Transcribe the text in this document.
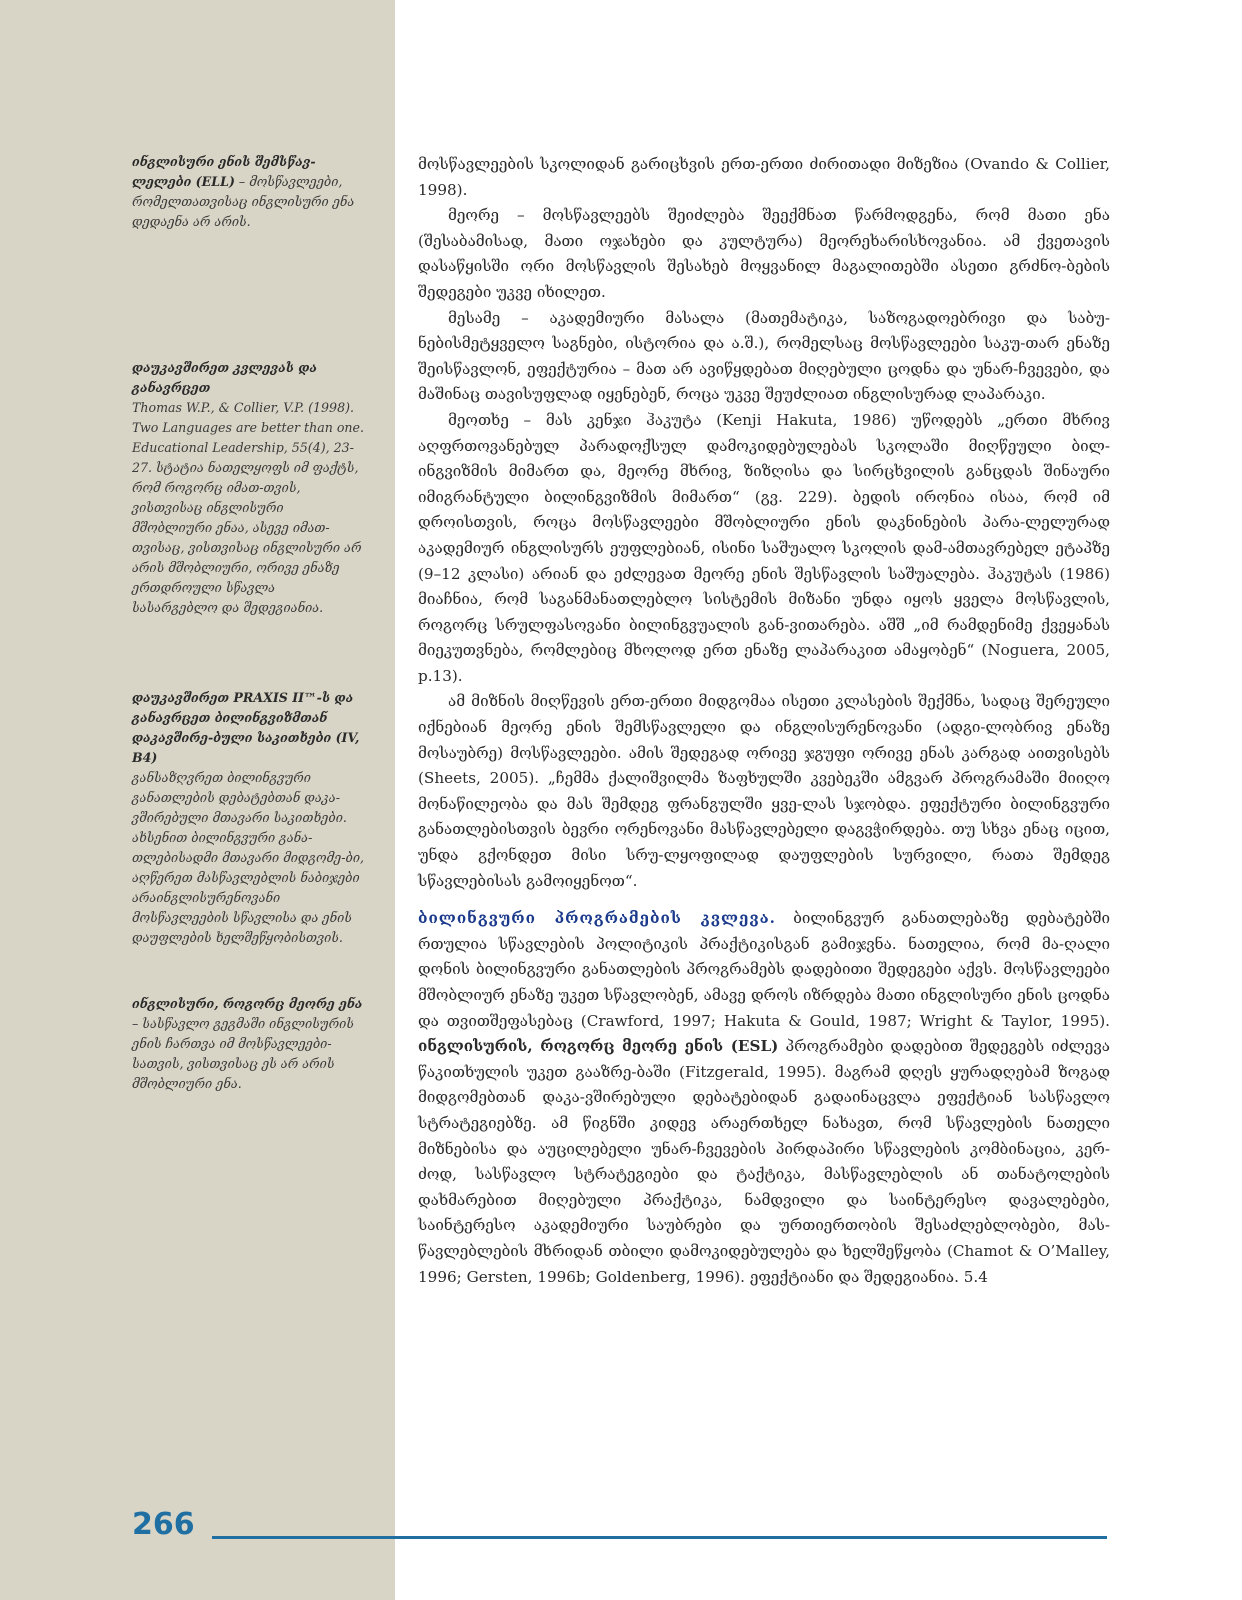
ინგლისური ენის შემსწავ-ლელები (ELL) – მოსწავლეები, რომელთათვისაც ინგლისური ენა დედაენა არ არის.
დაუკავშირეთ კვლევას და განავრცეთ
Thomas W.P., & Collier, V.P. (1998). Two Languages are better than one. Educational Leadership, 55(4), 23-27. სტატია ნათელყოფს იმ ფაქტს, რომ როგორც იმათ-თვის, ვისთვისაც ინგლისური მშობლიური ენაა, ასევე იმათ-თვისაც, ვისთვისაც ინგლისური არ არის მშობლიური, ორივე ენაზე ერთდროული სწავლა სასარგებლო და შედეგიანია.
დაუკავშირეთ PRAXIS II™-ს და განავრცეთ ბილინგვიზმთან დაკავშირე-ბული საკითხები (IV, B4)
განსაზღვრეთ ბილინგვური განათლების დებატებთან დაკა-ვშირებული მთავარი საკითხები. ახსენით ბილინგვური განა-თლებისადმი მთავარი მიდგომე-ბი, აღწერეთ მასწავლებლის ნაბიჯები არაინგლისურენოვანი მოსწავლეების სწავლისა და ენის დაუფლების ხელშეწყობისთვის.
ინგლისური, როგორც მეორე ენა – სასწავლო გეგმაში ინგლისურის ენის ჩართვა იმ მოსწავლეები-სათვის, ვისთვისაც ეს არ არის მშობლიური ენა.

მოსწავლეების სკოლიდან გარიცხვის ერთ-ერთი ძირითადი მიზეზია (Ovando & Collier, 1998).

მეორე – მოსწავლეებს შეიძლება შეექმნათ წარმოდგენა, რომ მათი ენა (შესაბამისად, მათი ოჯახები და კულტურა) მეორეხარისხოვანია. ამ ქვეთავის დასაწყისში ორი მოსწავლის შესახებ მოყვანილ მაგალითებში ასეთი გრძნო-ბების შედეგები უკვე იხილეთ.

მესამე – აკადემიური მასალა (მათემატიკა, საზოგადოებრივი და საბუ-ნებისმეტყველო საგნები, ისტორია და ა.შ.), რომელსაც მოსწავლეები საკუ-თარ ენაზე შეისწავლონ, ეფექტურია – მათ არ ავიწყდებათ მიღებული ცოდნა და უნარ-ჩვევები, და მაშინაც თავისუფლად იყენებენ, როცა უკვე შეუძლიათ ინგლისურად ლაპარაკი.

მეოთხე – მას კენჯი ჰაკუტა (Kenji Hakuta, 1986) უწოდებს „ერთი მხრივ აღფრთოვანებულ პარადოქსულ დამოკიდებულებას სკოლაში მიღწეული ბილ-ინგვიზმის მიმართ და, მეორე მხრივ, ზიზღისა და სირცხვილის განცდას შინაური იმიგრანტული ბილინგვიზმის მიმართ“ (გვ. 229). ბედის ირონია ისაა, რომ იმ დროისთვის, როცა მოსწავლეები მშობლიური ენის დაკნინების პარა-ლელურად აკადემიურ ინგლისურს ეუფლებიან, ისინი საშუალო სკოლის დამ-ამთავრებელ ეტაპზე (9–12 კლასი) არიან და ეძლევათ მეორე ენის შესწავლის საშუალება. ჰაკუტას (1986) მიაჩნია, რომ საგანმანათლებლო სისტემის მიზანი უნდა იყოს ყველა მოსწავლის, როგორც სრულფასოვანი ბილინგვუალის გან-ვითარება. აშშ „იმ რამდენიმე ქვეყანას მიეკუთვნება, რომლებიც მხოლოდ ერთ ენაზე ლაპარაკით ამაყობენ“ (Noguera, 2005, p.13).

ამ მიზნის მიღწევის ერთ-ერთი მიდგომაა ისეთი კლასების შექმნა, სადაც შერეული იქნებიან მეორე ენის შემსწავლელი და ინგლისურენოვანი (ადგი-ლობრივ ენაზე მოსაუბრე) მოსწავლეები. ამის შედეგად ორივე ჯგუფი ორივე ენას კარგად აითვისებს (Sheets, 2005). „ჩემმა ქალიშვილმა ზაფხულში კვებეკში ამგვარ პროგრამაში მიიღო მონაწილეობა და მას შემდეგ ფრანგულში ყვე-ლას სჯობდა. ეფექტური ბილინგვური განათლებისთვის ბევრი ორენოვანი მასწავლებელი დაგვჭირდება. თუ სხვა ენაც იცით, უნდა გქონდეთ მისი სრუ-ლყოფილად დაუფლების სურვილი, რათა შემდეგ სწავლებისას გამოიყენოთ“.

ბილინგვური პროგრამების კვლევა. ბილინგვურ განათლებაზე დებატებში რთულია სწავლების პოლიტიკის პრაქტიკისგან გამიჯვნა. ნათელია, რომ მა-ღალი დონის ბილინგვური განათლების პროგრამებს დადებითი შედეგები აქვს. მოსწავლეები მშობლიურ ენაზე უკეთ სწავლობენ, ამავე დროს იზრდება მათი ინგლისური ენის ცოდნა და თვითშეფასებაც (Crawford, 1997; Hakuta & Gould, 1987; Wright & Taylor, 1995). ინგლისურის, როგორც მეორე ენის (ESL) პროგრამები დადებით შედეგებს იძლევა წაკითხულის უკეთ გააზრე-ბაში (Fitzgerald, 1995). მაგრამ დღეს ყურადღებამ ზოგად მიდგომებთან დაკა-ვშირებული დებატებიდან გადაინაცვლა ეფექტიან სასწავლო სტრატეგიებზე. ამ წიგნში კიდევ არაერთხელ ნახავთ, რომ სწავლების ნათელი მიზნებისა და აუცილებელი უნარ-ჩვევების პირდაპირი სწავლების კომბინაცია, კერ-ძოდ, სასწავლო სტრატეგიები და ტაქტიკა, მასწავლებლის ან თანატოლების დახმარებით მიღებული პრაქტიკა, ნამდვილი და საინტერესო დავალებები, საინტერესო აკადემიური საუბრები და ურთიერთობის შესაძლებლობები, მას-წავლებლების მხრიდან თბილი დამოკიდებულება და ხელშეწყობა (Chamot & O’Malley, 1996; Gersten, 1996b; Goldenberg, 1996). ეფექტიანი და შედეგიანია. 5.4

266
